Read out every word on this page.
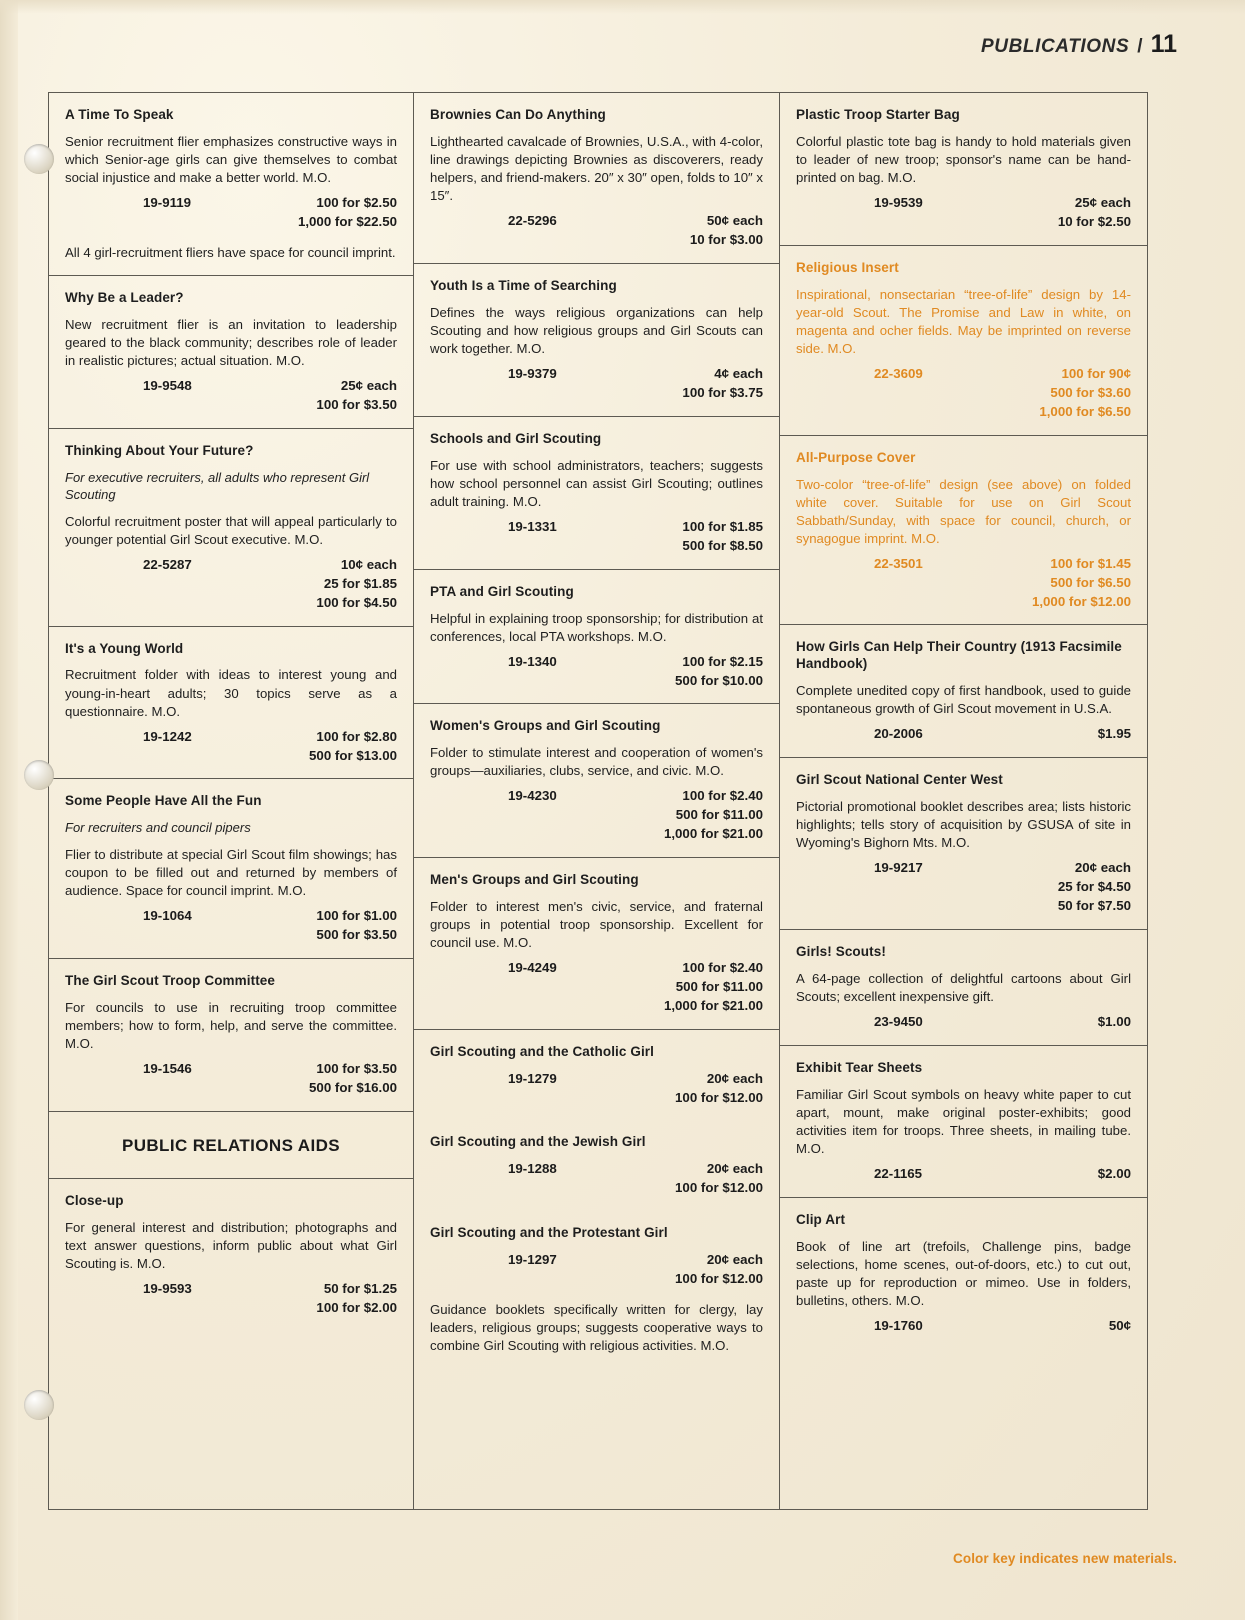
PUBLICATIONS / 11
A Time To Speak

Senior recruitment flier emphasizes constructive ways in which Senior-age girls can give themselves to combat social injustice and make a better world. M.O.

19-9119	100 for $2.50
1,000 for $22.50

All 4 girl-recruitment fliers have space for council imprint.

Why Be a Leader?

New recruitment flier is an invitation to leadership geared to the black community; describes role of leader in realistic pictures; actual situation. M.O.

19-9548	25¢ each
100 for $3.50
Thinking About Your Future?
For executive recruiters, all adults who represent Girl Scouting

Colorful recruitment poster that will appeal particularly to younger potential Girl Scout executive. M.O.

22-5287	10¢ each
25 for $1.85
100 for $4.50
It's a Young World

Recruitment folder with ideas to interest young and young-in-heart adults; 30 topics serve as a questionnaire. M.O.

19-1242	100 for $2.80
500 for $13.00
Some People Have All the Fun
For recruiters and council pipers

Flier to distribute at special Girl Scout film showings; has coupon to be filled out and returned by members of audience. Space for council imprint. M.O.

19-1064	100 for $1.00
500 for $3.50
The Girl Scout Troop Committee

For councils to use in recruiting troop committee members; how to form, help, and serve the committee. M.O.

19-1546	100 for $3.50
500 for $16.00
PUBLIC RELATIONS AIDS
Close-up

For general interest and distribution; photographs and text answer questions, inform public about what Girl Scouting is. M.O.

19-9593	50 for $1.25
100 for $2.00
Brownies Can Do Anything

Lighthearted cavalcade of Brownies, U.S.A., with 4-color, line drawings depicting Brownies as discoverers, ready helpers, and friend-makers. 20″ x 30″ open, folds to 10″ x 15″.

22-5296	50¢ each
10 for $3.00
Youth Is a Time of Searching

Defines the ways religious organizations can help Scouting and how religious groups and Girl Scouts can work together. M.O.

19-9379	4¢ each
100 for $3.75
Schools and Girl Scouting

For use with school administrators, teachers; suggests how school personnel can assist Girl Scouting; outlines adult training. M.O.

19-1331	100 for $1.85
500 for $8.50
PTA and Girl Scouting

Helpful in explaining troop sponsorship; for distribution at conferences, local PTA workshops. M.O.

19-1340	100 for $2.15
500 for $10.00
Women's Groups and Girl Scouting

Folder to stimulate interest and cooperation of women's groups—auxiliaries, clubs, service, and civic. M.O.

19-4230	100 for $2.40
500 for $11.00
1,000 for $21.00
Men's Groups and Girl Scouting

Folder to interest men's civic, service, and fraternal groups in potential troop sponsorship. Excellent for council use. M.O.

19-4249	100 for $2.40
500 for $11.00
1,000 for $21.00
Girl Scouting and the Catholic Girl
19-1279	20¢ each
100 for $12.00
Girl Scouting and the Jewish Girl
19-1288	20¢ each
100 for $12.00
Girl Scouting and the Protestant Girl
19-1297	20¢ each
100 for $12.00

Guidance booklets specifically written for clergy, lay leaders, religious groups; suggests cooperative ways to combine Girl Scouting with religious activities. M.O.

Plastic Troop Starter Bag

Colorful plastic tote bag is handy to hold materials given to leader of new troop; sponsor's name can be hand-printed on bag. M.O.

19-9539	25¢ each
10 for $2.50
Religious Insert

Inspirational, nonsectarian “tree-of-life” design by 14-year-old Scout. The Promise and Law in white, on magenta and ocher fields. May be imprinted on reverse side. M.O.

22-3609	100 for 90¢
500 for $3.60
1,000 for $6.50
All-Purpose Cover

Two-color “tree-of-life” design (see above) on folded white cover. Suitable for use on Girl Scout Sabbath/Sunday, with space for council, church, or synagogue imprint. M.O.

22-3501	100 for $1.45
500 for $6.50
1,000 for $12.00
How Girls Can Help Their Country (1913 Facsimile Handbook)

Complete unedited copy of first handbook, used to guide spontaneous growth of Girl Scout movement in U.S.A.

20-2006	$1.95
Girl Scout National Center West

Pictorial promotional booklet describes area; lists historic highlights; tells story of acquisition by GSUSA of site in Wyoming's Bighorn Mts. M.O.

19-9217	20¢ each
25 for $4.50
50 for $7.50
Girls! Scouts!

A 64-page collection of delightful cartoons about Girl Scouts; excellent inexpensive gift.

23-9450	$1.00
Exhibit Tear Sheets

Familiar Girl Scout symbols on heavy white paper to cut apart, mount, make original poster-exhibits; good activities item for troops. Three sheets, in mailing tube. M.O.

22-1165	$2.00
Clip Art

Book of line art (trefoils, Challenge pins, badge selections, home scenes, out-of-doors, etc.) to cut out, paste up for reproduction or mimeo. Use in folders, bulletins, others. M.O.

19-1760	50¢
Color key indicates new materials.
